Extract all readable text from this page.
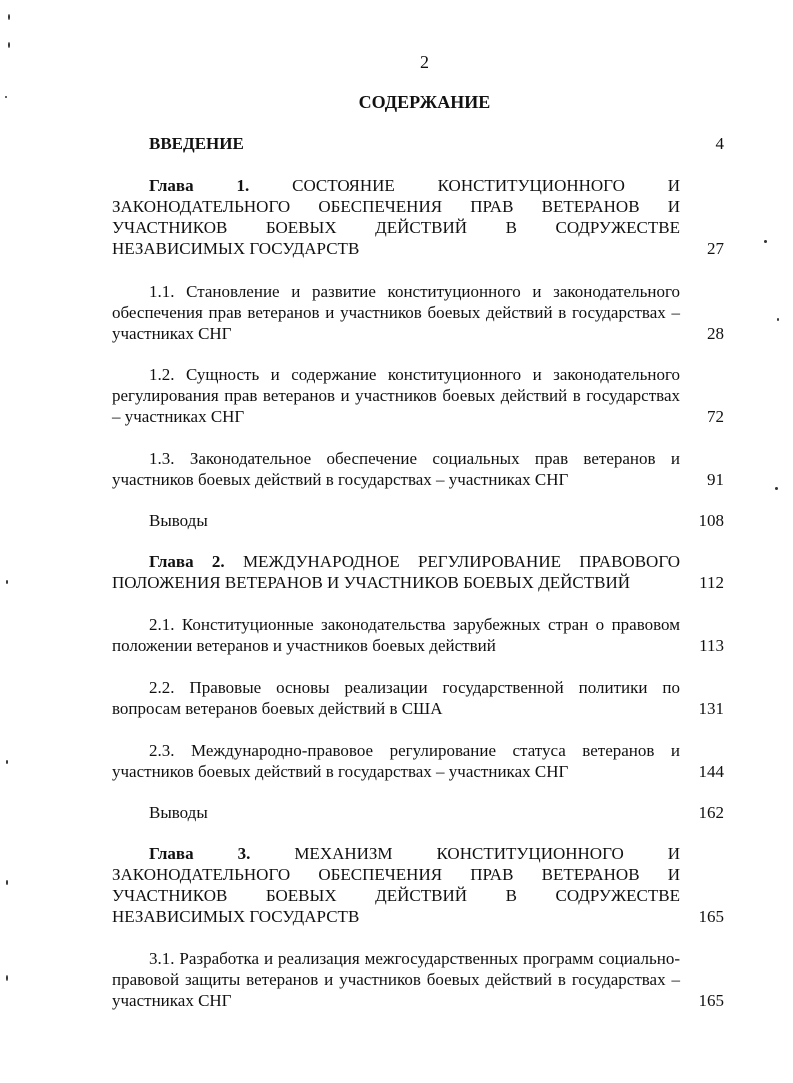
2
СОДЕРЖАНИЕ
ВВЕДЕНИЕ	4
Глава 1.	СОСТОЯНИЕ КОНСТИТУЦИОННОГО И
ЗАКОНОДАТЕЛЬНОГО ОБЕСПЕЧЕНИЯ ПРАВ ВЕТЕРАНОВ И
УЧАСТНИКОВ БОЕВЫХ ДЕЙСТВИЙ В СОДРУЖЕСТВЕ
НЕЗАВИСИМЫХ ГОСУДАРСТВ	27
1.1. Становление и развитие конституционного и законодательного обеспечения прав ветеранов и участников боевых действий в государствах – участниках СНГ	28
1.2. Сущность и содержание конституционного и законодательного регулирования прав ветеранов и участников боевых действий в государствах – участниках СНГ	72
1.3. Законодательное обеспечение социальных прав ветеранов и участников боевых действий в государствах – участниках СНГ	91
Выводы	108
Глава 2. МЕЖДУНАРОДНОЕ РЕГУЛИРОВАНИЕ ПРАВОВОГО
ПОЛОЖЕНИЯ ВЕТЕРАНОВ И УЧАСТНИКОВ БОЕВЫХ ДЕЙСТВИЙ	112
2.1. Конституционные законодательства зарубежных стран о правовом положении ветеранов и участников боевых действий	113
2.2. Правовые основы реализации государственной политики по вопросам ветеранов боевых действий в США	131
2.3. Международно-правовое регулирование статуса ветеранов и участников боевых действий в государствах – участниках СНГ	144
Выводы	162
Глава 3.	МЕХАНИЗМ КОНСТИТУЦИОННОГО И
ЗАКОНОДАТЕЛЬНОГО ОБЕСПЕЧЕНИЯ ПРАВ ВЕТЕРАНОВ И
УЧАСТНИКОВ БОЕВЫХ ДЕЙСТВИЙ В СОДРУЖЕСТВЕ
НЕЗАВИСИМЫХ ГОСУДАРСТВ	165
3.1. Разработка и реализация межгосударственных программ социально-правовой защиты ветеранов и участников боевых действий в государствах – участниках СНГ	165
